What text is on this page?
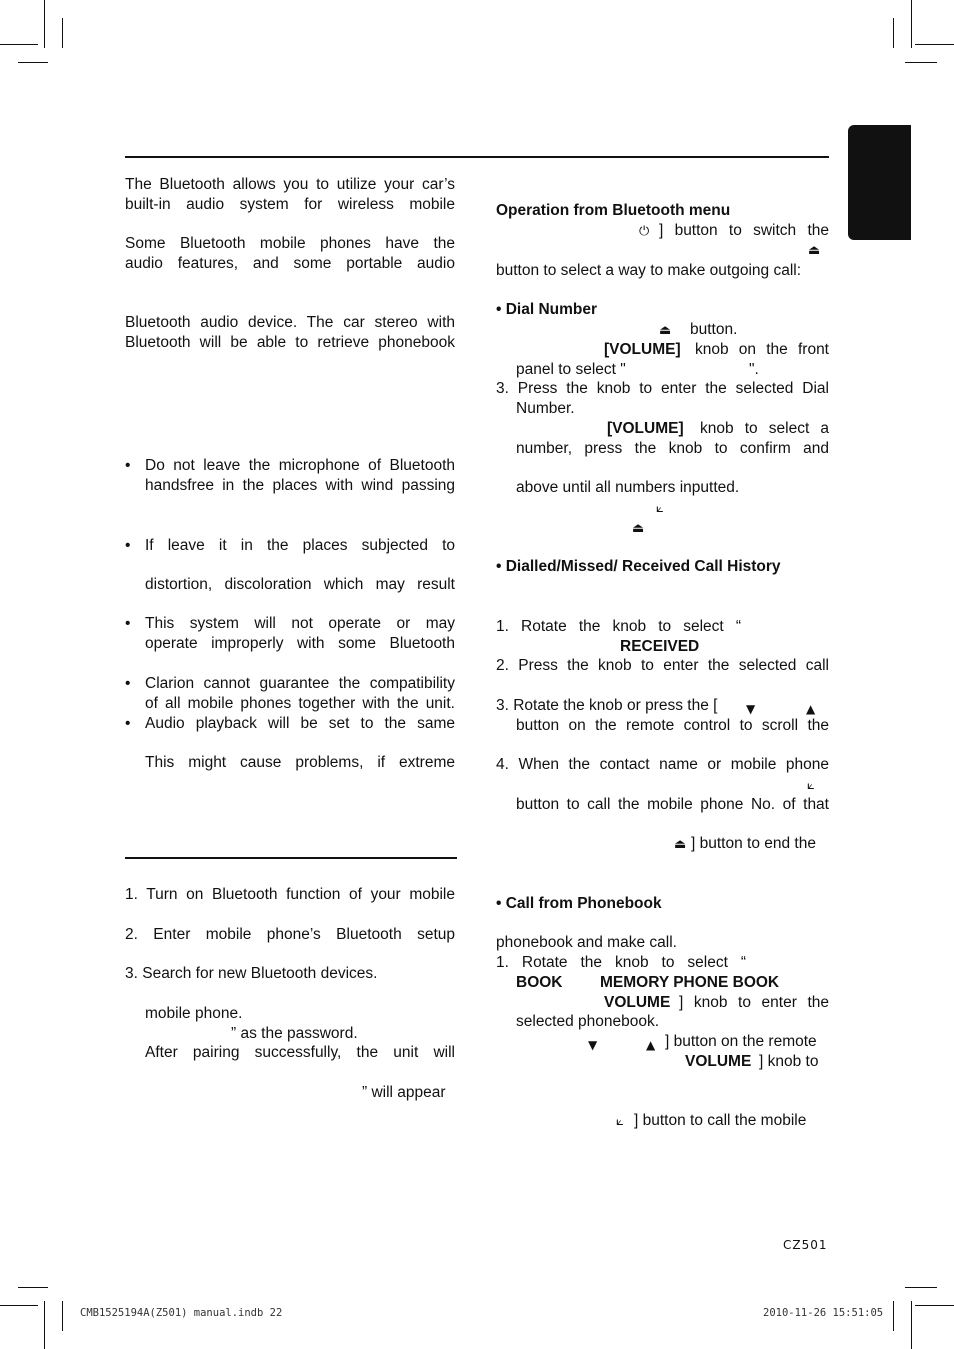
The Bluetooth allows you to utilize your car’s
built-in audio system for wireless mobile
Some Bluetooth mobile phones have the
audio features, and some portable audio
Bluetooth audio device. The car stereo with
Bluetooth will be able to retrieve phonebook
• Do not leave the microphone of Bluetooth
handsfree in the places with wind passing
• If leave it in the places subjected to
distortion, discoloration which may result
• This system will not operate or may
operate improperly with some Bluetooth
• Clarion cannot guarantee the compatibility
of all mobile phones together with the unit.
• Audio playback will be set to the same
This might cause problems, if extreme
1. Turn on Bluetooth function of your mobile
2. Enter mobile phone’s Bluetooth setup
3. Search for new Bluetooth devices.
mobile phone.
” as the password.
After pairing successfully, the unit will
” will appear
Operation from Bluetooth menu
⏻ ] button to switch the
⏏
button to select a way to make outgoing call:
• Dial Number
⏏ button.
[VOLUME] knob on the front
panel to select "	".
3. Press the knob to enter the selected Dial
Number.
[VOLUME] knob to select a
number, press the knob to confirm and
above until all numbers inputted.
⟀
⏏
• Dialled/Missed/ Received Call History
1. Rotate the knob to select “
RECEIVED
2. Press the knob to enter the selected call
3. Rotate the knob or press the [ ▼	▲
button on the remote control to scroll the
4. When the contact name or mobile phone
⟀
button to call the mobile phone No. of that
⏏ ] button to end the
• Call from Phonebook
phonebook and make call.
1. Rotate the knob to select “
BOOK MEMORY PHONE BOOK
VOLUME ] knob to enter the
selected phonebook.
▼	▲ ] button on the remote
VOLUME ] knob to
⟀ ] button to call the mobile
CZ501
CMB1525194A(Z501) manual.indb 22	2010-11-26 15:51:05
